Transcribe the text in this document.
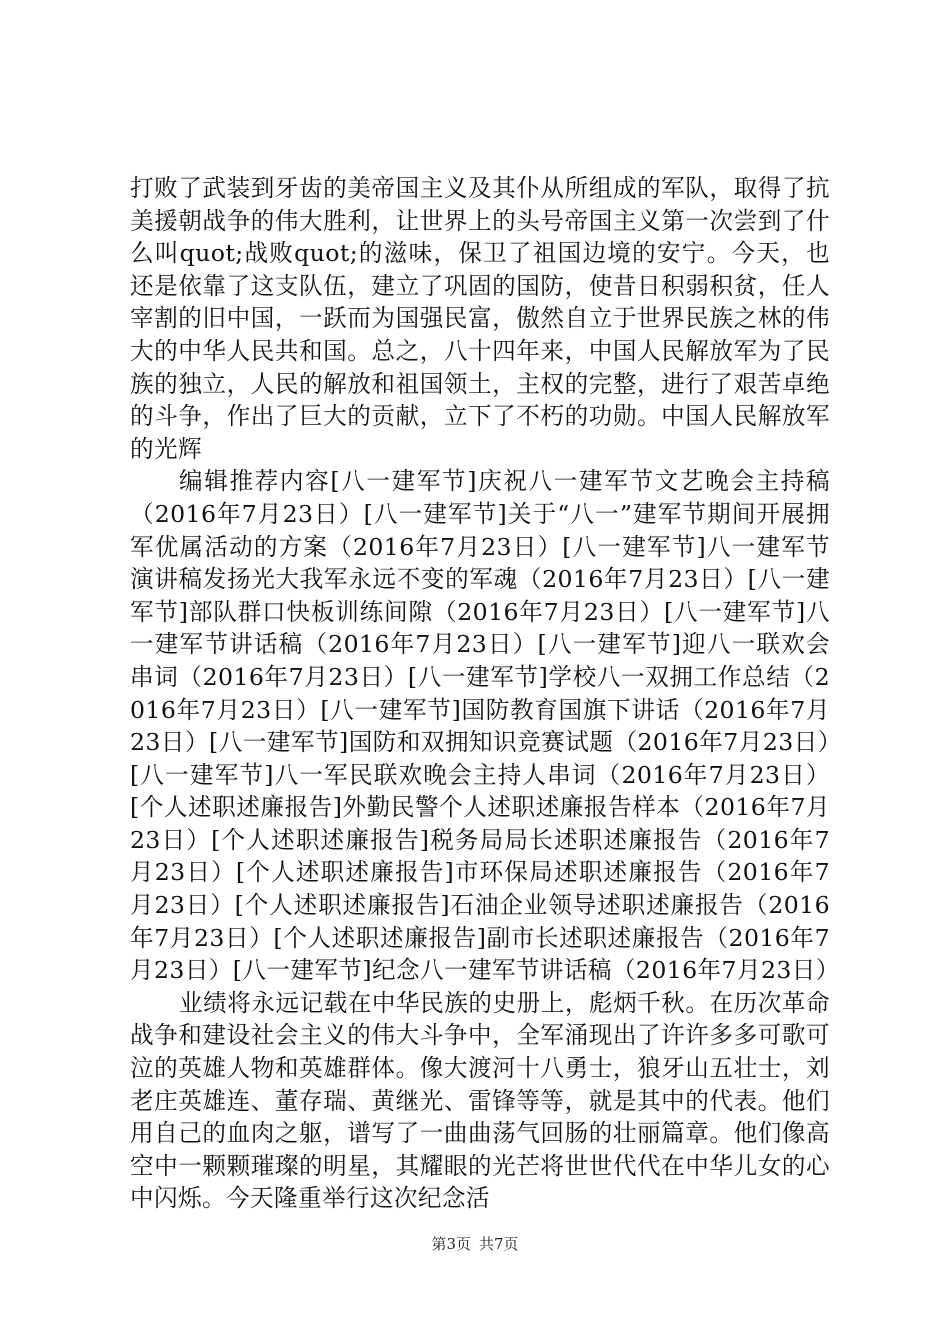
打败了武装到牙齿的美帝国主义及其仆从所组成的军队，取得了抗美援朝战争的伟大胜利，让世界上的头号帝国主义第一次尝到了什么叫quot;战败quot;的滋味，保卫了祖国边境的安宁。今天，也还是依靠了这支队伍，建立了巩固的国防，使昔日积弱积贫，任人宰割的旧中国，一跃而为国强民富，傲然自立于世界民族之林的伟大的中华人民共和国。总之，八十四年来，中国人民解放军为了民族的独立，人民的解放和祖国领土，主权的完整，进行了艰苦卓绝的斗争，作出了巨大的贡献，立下了不朽的功勋。中国人民解放军的光辉

编辑推荐内容[八一建军节]庆祝八一建军节文艺晚会主持稿（2016年7月23日）[八一建军节]关于“八一”建军节期间开展拥军优属活动的方案（2016年7月23日）[八一建军节]八一建军节演讲稿发扬光大我军永远不变的军魂（2016年7月23日）[八一建军节]部队群口快板训练间隙（2016年7月23日）[八一建军节]八一建军节讲话稿（2016年7月23日）[八一建军节]迎八一联欢会串词（2016年7月23日）[八一建军节]学校八一双拥工作总结（2016年7月23日）[八一建军节]国防教育国旗下讲话（2016年7月23日）[八一建军节]国防和双拥知识竞赛试题（2016年7月23日）[八一建军节]八一军民联欢晚会主持人串词（2016年7月23日）[个人述职述廉报告]外勤民警个人述职述廉报告样本（2016年7月23日）[个人述职述廉报告]税务局局长述职述廉报告（2016年7月23日）[个人述职述廉报告]市环保局述职述廉报告（2016年7月23日）[个人述职述廉报告]石油企业领导述职述廉报告（2016年7月23日）[个人述职述廉报告]副市长述职述廉报告（2016年7月23日）[八一建军节]纪念八一建军节讲话稿（2016年7月23日）

业绩将永远记载在中华民族的史册上，彪炳千秋。在历次革命战争和建设社会主义的伟大斗争中，全军涌现出了许许多多可歌可泣的英雄人物和英雄群体。像大渡河十八勇士，狼牙山五壮士，刘老庄英雄连、董存瑞、黄继光、雷锋等等，就是其中的代表。他们用自己的血肉之躯，谱写了一曲曲荡气回肠的壮丽篇章。他们像高空中一颗颗璀璨的明星，其耀眼的光芒将世世代代在中华儿女的心中闪烁。今天隆重举行这次纪念活

第3页 共7页
